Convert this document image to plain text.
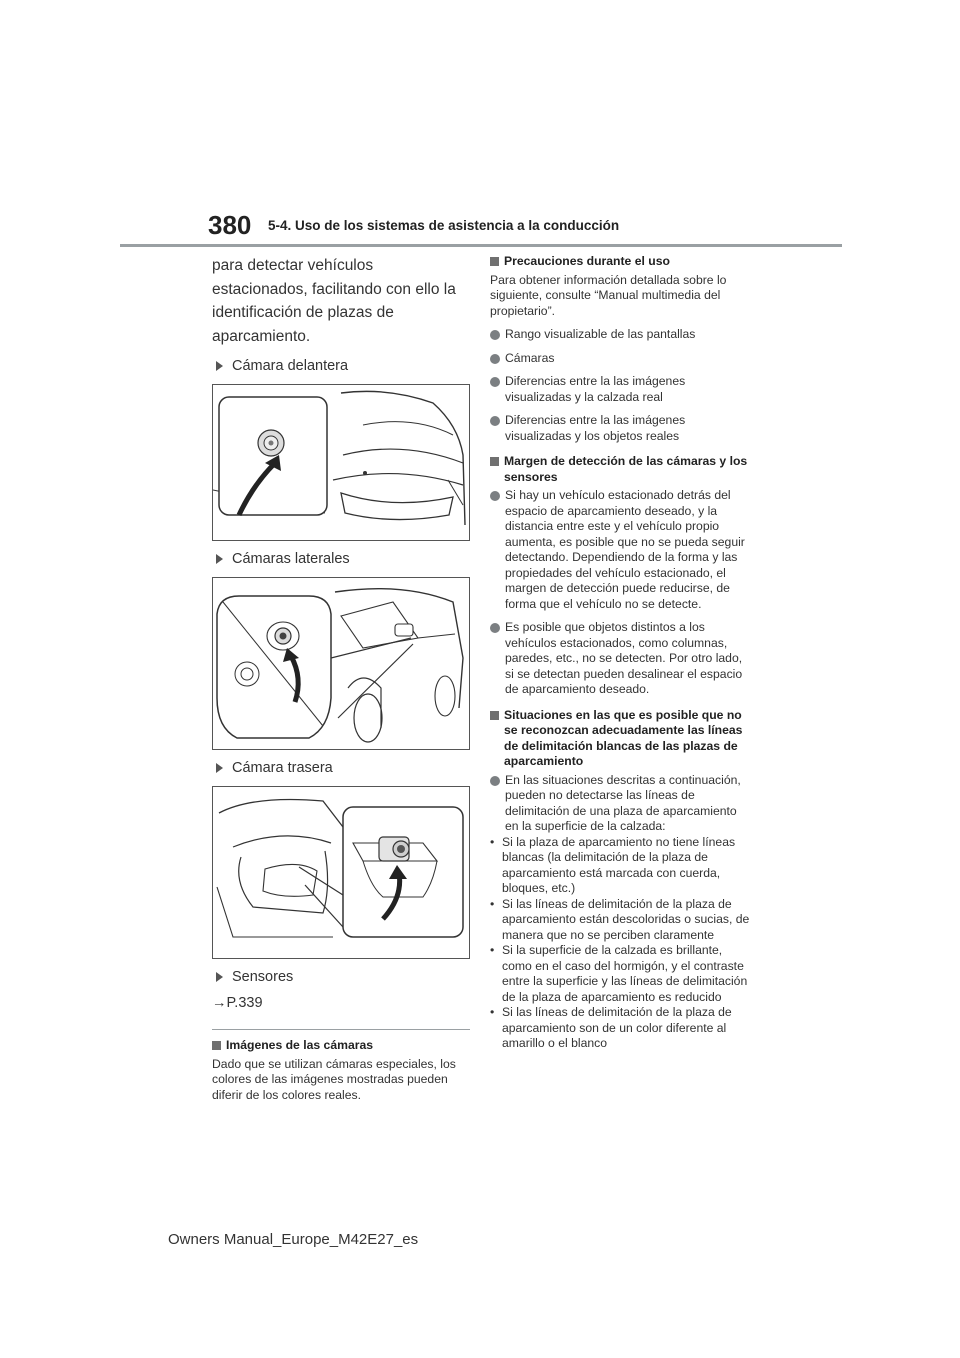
380 5-4. Uso de los sistemas de asistencia a la conducción

para detectar vehículos estacionados, facilitando con ello la identificación de plazas de aparcamiento.

Cámara delantera
Cámaras laterales
Cámara trasera
Sensores
→P.339
Imágenes de las cámaras

Dado que se utilizan cámaras especiales, los colores de las imágenes mostradas pueden diferir de los colores reales.

Precauciones durante el uso

Para obtener información detallada sobre lo siguiente, consulte “Manual multimedia del propietario”.

Rango visualizable de las pantallas
Cámaras
Diferencias entre la las imágenes visualizadas y la calzada real
Diferencias entre la las imágenes visualizadas y los objetos reales
Margen de detección de las cámaras y los sensores
Si hay un vehículo estacionado detrás del espacio de aparcamiento deseado, y la distancia entre este y el vehículo propio aumenta, es posible que no se pueda seguir detectando. Dependiendo de la forma y las propiedades del vehículo estacionado, el margen de detección puede reducirse, de forma que el vehículo no se detecte.
Es posible que objetos distintos a los vehículos estacionados, como columnas, paredes, etc., no se detecten. Por otro lado, si se detectan pueden desalinear el espacio de aparcamiento deseado.
Situaciones en las que es posible que no se reconozcan adecuadamente las líneas de delimitación blancas de las plazas de aparcamiento
En las situaciones descritas a continuación, pueden no detectarse las líneas de delimitación de una plaza de aparcamiento en la superficie de la calzada:
• Si la plaza de aparcamiento no tiene líneas blancas (la delimitación de la plaza de aparcamiento está marcada con cuerda, bloques, etc.)
• Si las líneas de delimitación de la plaza de aparcamiento están descoloridas o sucias, de manera que no se perciben claramente
• Si la superficie de la calzada es brillante, como en el caso del hormigón, y el contraste entre la superficie y las líneas de delimitación de la plaza de aparcamiento es reducido
• Si las líneas de delimitación de la plaza de aparcamiento son de un color diferente al amarillo o el blanco
Owners Manual_Europe_M42E27_es
